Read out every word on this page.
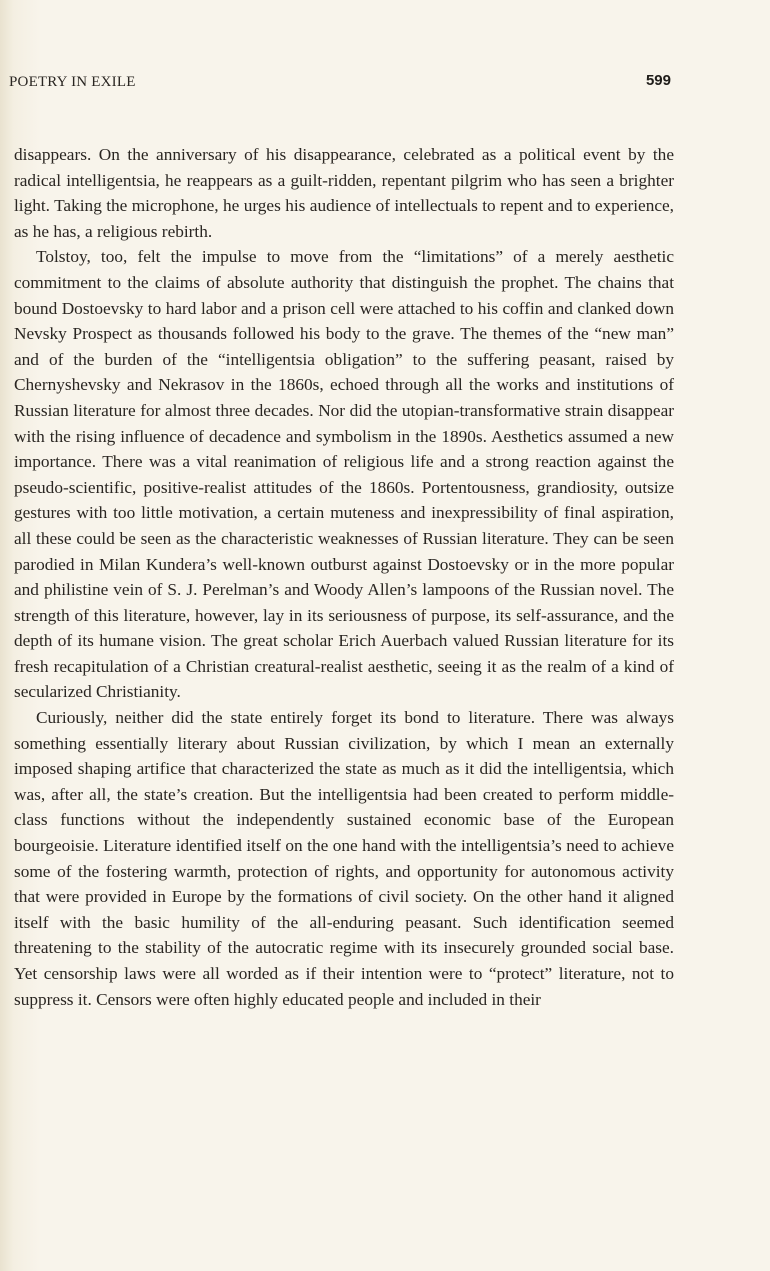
POETRY IN EXILE	599

disappears. On the anniversary of his disappearance, celebrated as a political event by the radical intelligentsia, he reappears as a guilt-ridden, repentant pilgrim who has seen a brighter light. Taking the microphone, he urges his audience of intellectuals to repent and to experience, as he has, a religious rebirth.

Tolstoy, too, felt the impulse to move from the “limitations” of a merely aesthetic commitment to the claims of absolute authority that distinguish the prophet. The chains that bound Dostoevsky to hard labor and a prison cell were attached to his coffin and clanked down Nevsky Prospect as thousands followed his body to the grave. The themes of the “new man” and of the burden of the “intelligentsia obligation” to the suffering peasant, raised by Chernyshevsky and Nekrasov in the 1860s, echoed through all the works and institutions of Russian literature for almost three decades. Nor did the utopian-transformative strain disappear with the rising influence of decadence and symbolism in the 1890s. Aesthetics assumed a new importance. There was a vital reanimation of religious life and a strong reaction against the pseudo-scientific, positive-realist attitudes of the 1860s. Portentousness, grandiosity, outsize gestures with too little motivation, a certain muteness and inexpressibility of final aspiration, all these could be seen as the characteristic weaknesses of Russian literature. They can be seen parodied in Milan Kundera’s well-known outburst against Dostoevsky or in the more popular and philistine vein of S. J. Perelman’s and Woody Allen’s lampoons of the Russian novel. The strength of this literature, however, lay in its seriousness of purpose, its self-assurance, and the depth of its humane vision. The great scholar Erich Auerbach valued Russian literature for its fresh recapitulation of a Christian creatural-realist aesthetic, seeing it as the realm of a kind of secularized Christianity.

Curiously, neither did the state entirely forget its bond to literature. There was always something essentially literary about Russian civilization, by which I mean an externally imposed shaping artifice that characterized the state as much as it did the intelligentsia, which was, after all, the state’s creation. But the intelligentsia had been created to perform middle-class functions without the independently sustained economic base of the European bourgeoisie. Literature identified itself on the one hand with the intelligentsia’s need to achieve some of the fostering warmth, protection of rights, and opportunity for autonomous activity that were provided in Europe by the formations of civil society. On the other hand it aligned itself with the basic humility of the all-enduring peasant. Such identification seemed threatening to the stability of the autocratic regime with its insecurely grounded social base. Yet censorship laws were all worded as if their intention were to “protect” literature, not to suppress it. Censors were often highly educated people and included in their
